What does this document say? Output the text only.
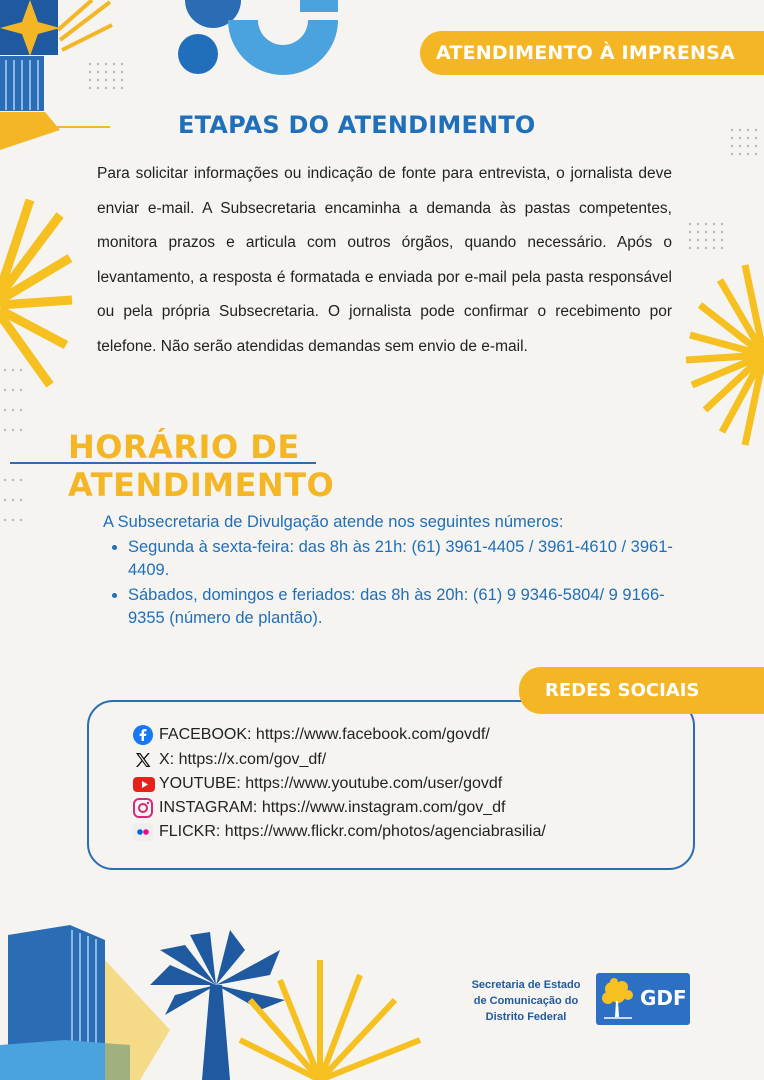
ATENDIMENTO À IMPRENSA
ETAPAS DO ATENDIMENTO
Para solicitar informações ou indicação de fonte para entrevista, o jornalista deve enviar e-mail. A Subsecretaria encaminha a demanda às pastas competentes, monitora prazos e articula com outros órgãos, quando necessário. Após o levantamento, a resposta é formatada e enviada por e-mail pela pasta responsável ou pela própria Subsecretaria. O jornalista pode confirmar o recebimento por telefone. Não serão atendidas demandas sem envio de e-mail.
HORÁRIO DE
ATENDIMENTO
A Subsecretaria de Divulgação atende nos seguintes números:
• Segunda à sexta-feira: das 8h às 21h: (61) 3961-4405 / 3961-4610 / 3961-4409.
• Sábados, domingos e feriados: das 8h às 20h: (61) 9 9346-5804/ 9 9166-9355 (número de plantão).
REDES SOCIAIS
FACEBOOK: https://www.facebook.com/govdf/
X: https://x.com/gov_df/
YOUTUBE: https://www.youtube.com/user/govdf
INSTAGRAM: https://www.instagram.com/gov_df
FLICKR: https://www.flickr.com/photos/agenciabrasilia/
Secretaria de Estado
de Comunicação do
Distrito Federal
GDF
